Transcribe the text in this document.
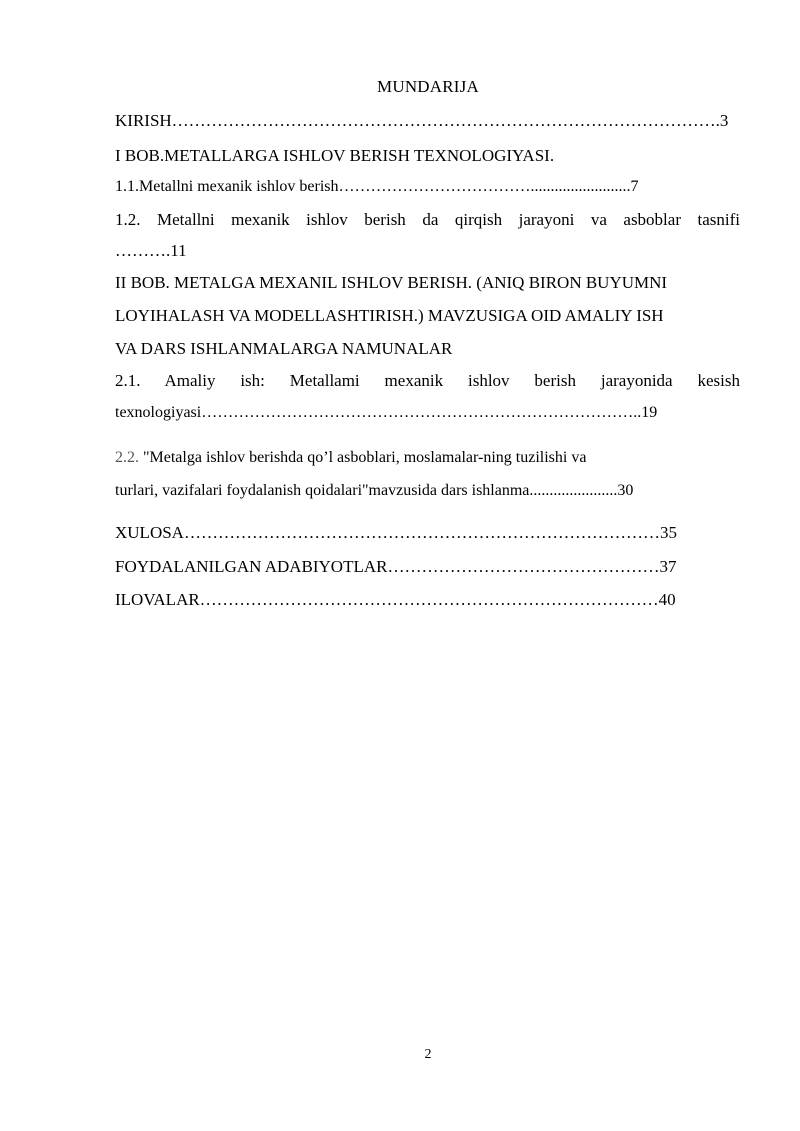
MUNDARIJA
KIRISH…………………………………………………………………………………….3
I BOB.METALLARGA ISHLOV BERISH TEXNOLOGIYASI.
1.1.Metallni mexanik ishlov berish……………………………….........................7
1.2. Metallni mexanik ishlov berish da qirqish jarayoni va asboblar tasnifi
……….11
II BOB. METALGA MEXANIL ISHLOV BERISH. (ANIQ BIRON BUYUMNI
LOYIHALASH VA MODELLASHTIRISH.) MAVZUSIGA OID AMALIY ISH
VA DARS ISHLANMALARGA NAMUNALAR
2.1. Amaliy ish: Metallami mexanik ishlov berish jarayonida kesish
texnologiyasi………………………………………………………………………..19
2.2. "Metalga ishlov berishda qo’l asboblari, moslamalar-ning tuzilishi va
turlari, vazifalari foydalanish qoidalari"mavzusida dars ishlanma......................30
XULOSA…………………………………………………………………………35
FOYDALANILGAN ADABIYOTLAR…………………………………………37
ILOVALAR………………………………………………………………………40
2
